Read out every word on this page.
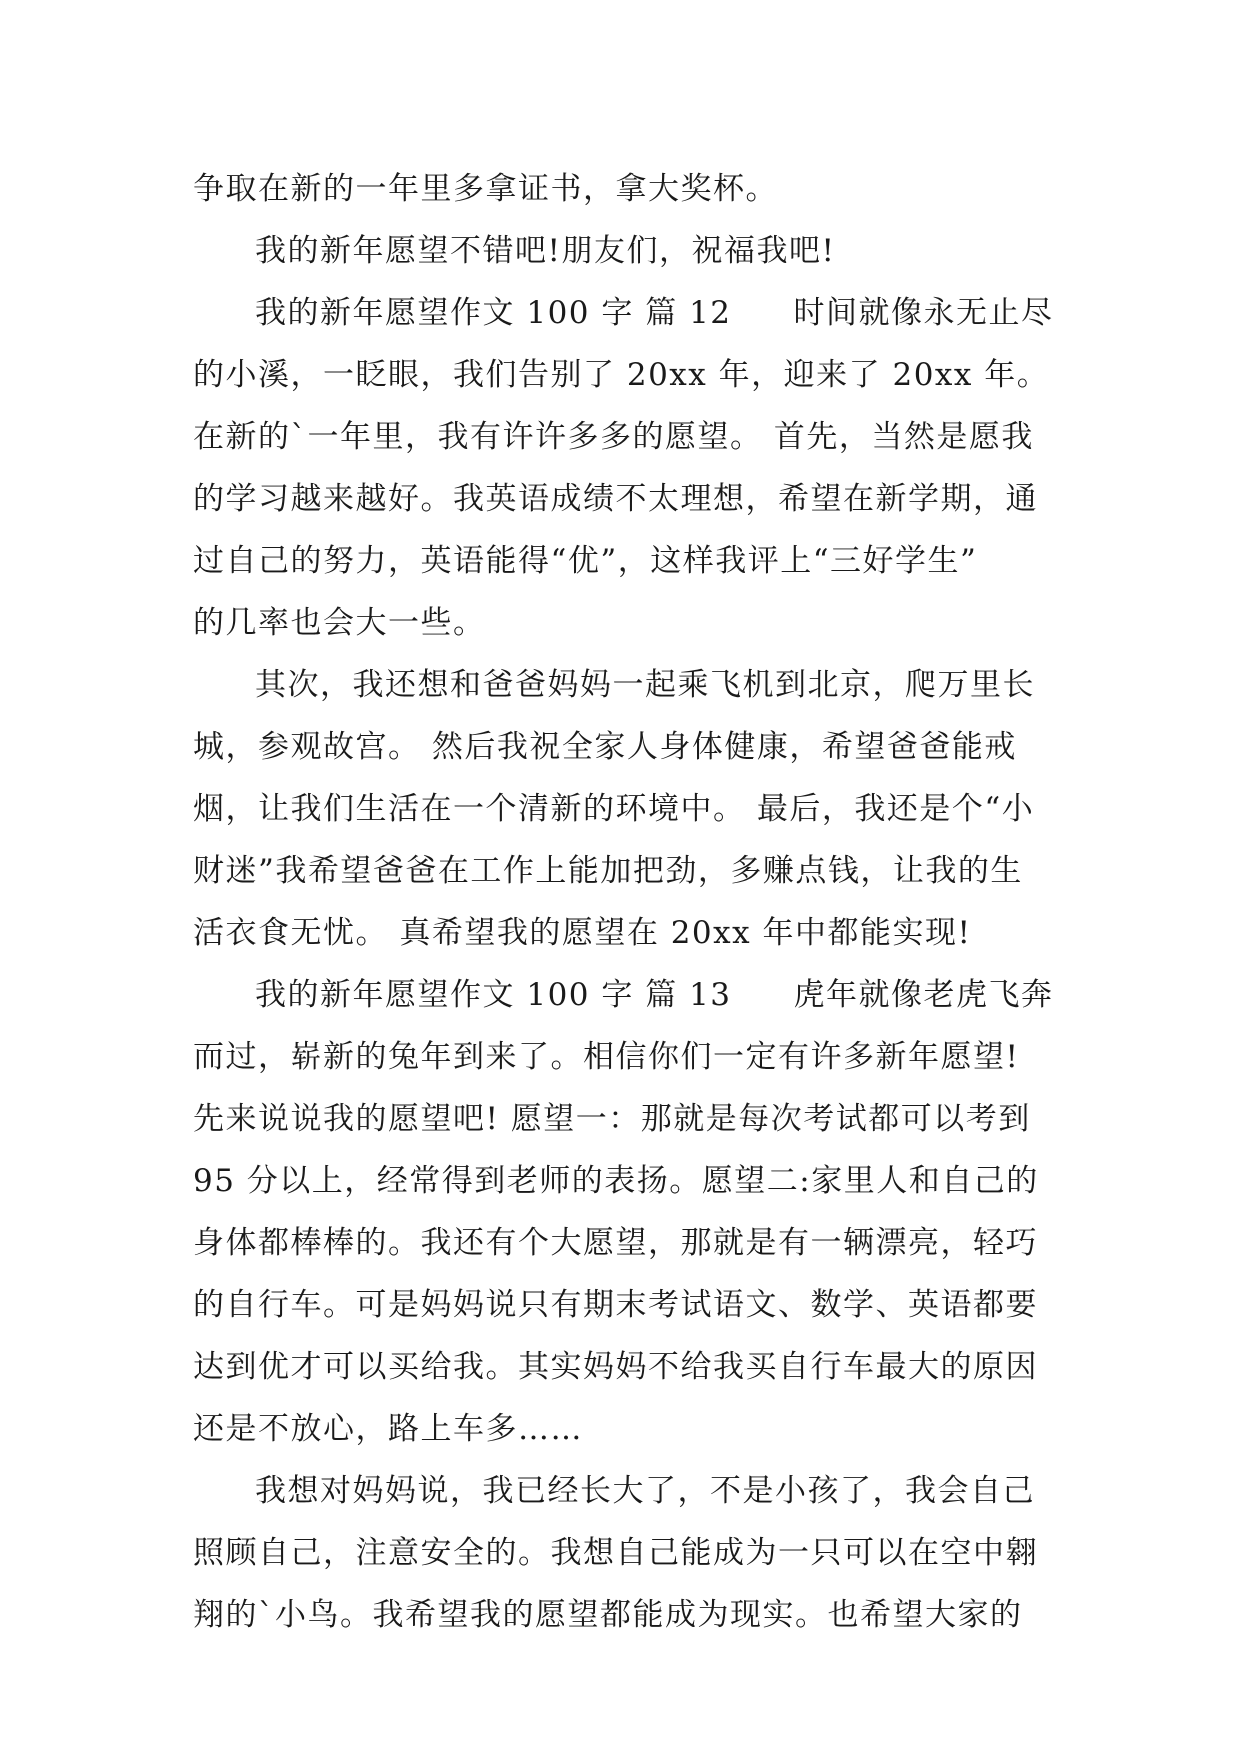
争取在新的一年里多拿证书，拿大奖杯。
我的新年愿望不错吧!朋友们，祝福我吧!
我的新年愿望作文 100 字 篇 12 时间就像永无止尽
的小溪，一眨眼，我们告别了 20xx 年，迎来了 20xx 年。
在新的`一年里，我有许许多多的愿望。 首先，当然是愿我
的学习越来越好。我英语成绩不太理想，希望在新学期，通
过自己的努力，英语能得“优”，这样我评上“三好学生”
的几率也会大一些。
其次，我还想和爸爸妈妈一起乘飞机到北京，爬万里长
城，参观故宫。 然后我祝全家人身体健康，希望爸爸能戒
烟，让我们生活在一个清新的环境中。 最后，我还是个“小
财迷”我希望爸爸在工作上能加把劲，多赚点钱，让我的生
活衣食无忧。 真希望我的愿望在 20xx 年中都能实现!
我的新年愿望作文 100 字 篇 13 虎年就像老虎飞奔
而过，崭新的兔年到来了。相信你们一定有许多新年愿望!
先来说说我的愿望吧! 愿望一：那就是每次考试都可以考到
95 分以上，经常得到老师的表扬。愿望二:家里人和自己的
身体都棒棒的。我还有个大愿望，那就是有一辆漂亮，轻巧
的自行车。可是妈妈说只有期末考试语文、数学、英语都要
达到优才可以买给我。其实妈妈不给我买自行车最大的原因
还是不放心，路上车多……
我想对妈妈说，我已经长大了，不是小孩了，我会自己
照顾自己，注意安全的。我想自己能成为一只可以在空中翱
翔的`小鸟。我希望我的愿望都能成为现实。也希望大家的
